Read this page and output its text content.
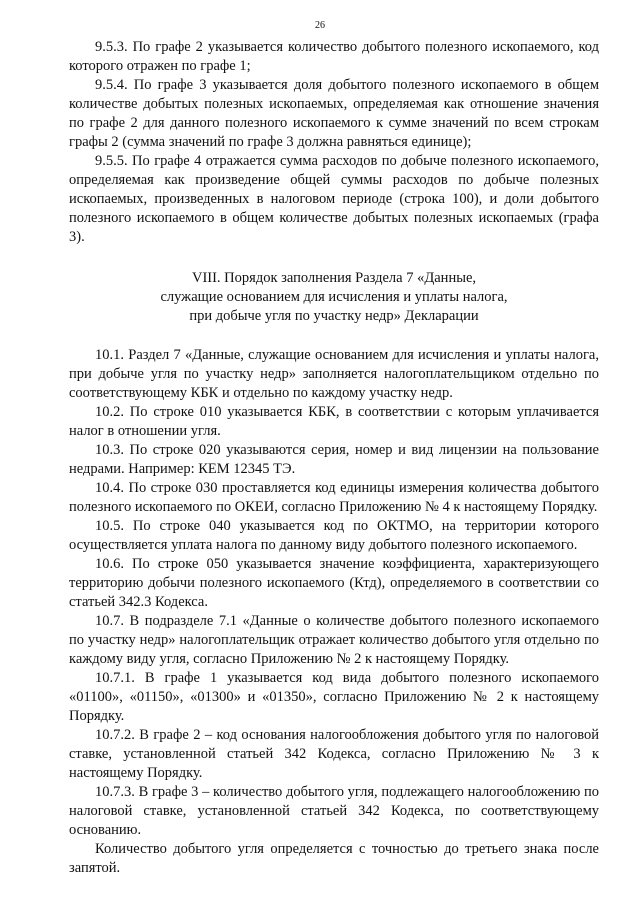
26

9.5.3. По графе 2 указывается количество добытого полезного ископаемого, код которого отражен по графе 1;

9.5.4. По графе 3 указывается доля добытого полезного ископаемого в общем количестве добытых полезных ископаемых, определяемая как отношение значения по графе 2 для данного полезного ископаемого к сумме значений по всем строкам графы 2 (сумма значений по графе 3 должна равняться единице);

9.5.5. По графе 4 отражается сумма расходов по добыче полезного ископаемого, определяемая как произведение общей суммы расходов по добыче полезных ископаемых, произведенных в налоговом периоде (строка 100), и доли добытого полезного ископаемого в общем количестве добытых полезных ископаемых (графа 3).

VIII. Порядок заполнения Раздела 7 «Данные,
служащие основанием для исчисления и уплаты налога,
при добыче угля по участку недр» Декларации

10.1. Раздел 7 «Данные, служащие основанием для исчисления и уплаты налога, при добыче угля по участку недр» заполняется налогоплательщиком отдельно по соответствующему КБК и отдельно по каждому участку недр.

10.2. По строке 010 указывается КБК, в соответствии с которым уплачивается налог в отношении угля.

10.3. По строке 020 указываются серия, номер и вид лицензии на пользование недрами. Например: КЕМ 12345 ТЭ.

10.4. По строке 030 проставляется код единицы измерения количества добытого полезного ископаемого по ОКЕИ, согласно Приложению № 4 к настоящему Порядку.

10.5. По строке 040 указывается код по ОКТМО, на территории которого осуществляется уплата налога по данному виду добытого полезного ископаемого.

10.6. По строке 050 указывается значение коэффициента, характеризующего территорию добычи полезного ископаемого (Ктд), определяемого в соответствии со статьей 342.3 Кодекса.

10.7. В подразделе 7.1 «Данные о количестве добытого полезного ископаемого по участку недр» налогоплательщик отражает количество добытого угля отдельно по каждому виду угля, согласно Приложению № 2 к настоящему Порядку.

10.7.1. В графе 1 указывается код вида добытого полезного ископаемого «01100», «01150», «01300» и «01350», согласно Приложению № 2 к настоящему Порядку.

10.7.2. В графе 2 – код основания налогообложения добытого угля по налоговой ставке, установленной статьей 342 Кодекса, согласно Приложению № 3 к настоящему Порядку.

10.7.3. В графе 3 – количество добытого угля, подлежащего налогообложению по налоговой ставке, установленной статьей 342 Кодекса, по соответствующему основанию.

Количество добытого угля определяется с точностью до третьего знака после запятой.
